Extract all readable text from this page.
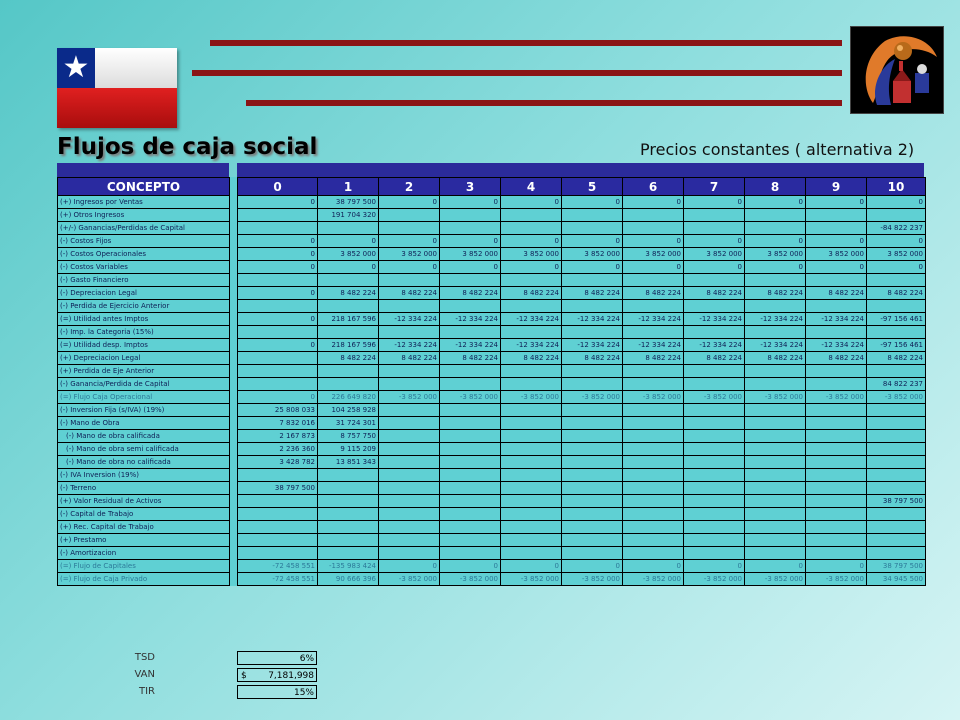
★
Flujos de caja social	Precios constantes ( alternativa 2)
CONCEPTO		0	1	2	3	4	5	6	7	8	9	10
(+) Ingresos por Ventas		0	38 797 500	0	0	0	0	0	0	0	0	0
(+) Otros Ingresos			191 704 320									
(+/-) Ganancias/Perdidas de Capital												-84 822 237
(-) Costos Fijos		0	0	0	0	0	0	0	0	0	0	0
(-) Costos Operacionales		0	3 852 000	3 852 000	3 852 000	3 852 000	3 852 000	3 852 000	3 852 000	3 852 000	3 852 000	3 852 000
(-) Costos Variables		0	0	0	0	0	0	0	0	0	0	0
(-) Gasto Financiero												
(-) Depreciacion Legal		0	8 482 224	8 482 224	8 482 224	8 482 224	8 482 224	8 482 224	8 482 224	8 482 224	8 482 224	8 482 224
(-) Perdida de Ejercicio Anterior												
(=) Utilidad antes Imptos		0	218 167 596	-12 334 224	-12 334 224	-12 334 224	-12 334 224	-12 334 224	-12 334 224	-12 334 224	-12 334 224	-97 156 461
(-) Imp. la Categoria (15%)												
(=) Utilidad desp. Imptos		0	218 167 596	-12 334 224	-12 334 224	-12 334 224	-12 334 224	-12 334 224	-12 334 224	-12 334 224	-12 334 224	-97 156 461
(+) Depreciacion Legal			8 482 224	8 482 224	8 482 224	8 482 224	8 482 224	8 482 224	8 482 224	8 482 224	8 482 224	8 482 224
(+) Perdida de Eje Anterior												
(-) Ganancia/Perdida de Capital												84 822 237
(=) Flujo Caja Operacional		0	226 649 820	-3 852 000	-3 852 000	-3 852 000	-3 852 000	-3 852 000	-3 852 000	-3 852 000	-3 852 000	-3 852 000
(-) Inversion Fija (s/IVA) (19%)		25 808 033	104 258 928									
(-) Mano de Obra		7 832 016	31 724 301									
(-) Mano de obra calificada		2 167 873	8 757 750									
(-) Mano de obra semi calificada		2 236 360	9 115 209									
(-) Mano de obra no calificada		3 428 782	13 851 343									
(-) IVA Inversion (19%)												
(-) Terreno		38 797 500										
(+) Valor Residual de Activos												38 797 500
(-) Capital de Trabajo												
(+) Rec. Capital de Trabajo												
(+) Prestamo												
(-) Amortizacion												
(=) Flujo de Capitales		-72 458 551	-135 983 424	0	0	0	0	0	0	0	0	38 797 500
(=) Flujo de Caja Privado		-72 458 551	90 666 396	-3 852 000	-3 852 000	-3 852 000	-3 852 000	-3 852 000	-3 852 000	-3 852 000	-3 852 000	34 945 500
TSD	6%
VAN	$ 7,181,998
TIR	15%
